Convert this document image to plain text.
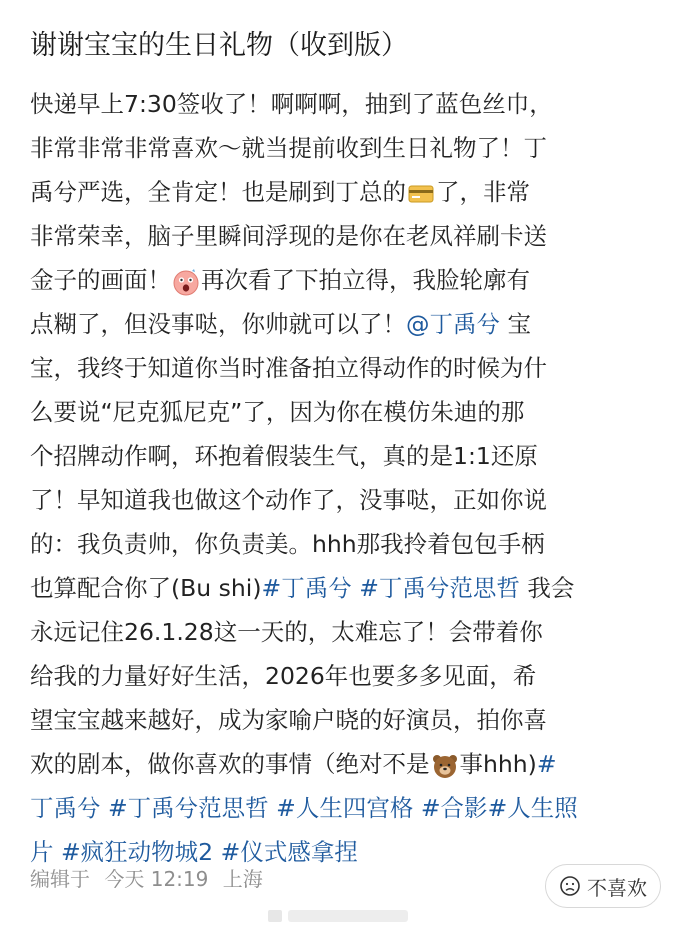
谢谢宝宝的生日礼物（收到版）
快递早上7:30签收了！啊啊啊，抽到了蓝色丝巾，
非常非常非常喜欢～就当提前收到生日礼物了！丁
禹兮严选，全肯定！也是刷到丁总的 了，非常
非常荣幸，脑子里瞬间浮现的是你在老凤祥刷卡送
金子的画面！ 再次看了下拍立得，我脸轮廓有
点糊了，但没事哒，你帅就可以了！@丁禹兮 宝
宝，我终于知道你当时准备拍立得动作的时候为什
么要说“尼克狐尼克”了，因为你在模仿朱迪的那
个招牌动作啊，环抱着假装生气，真的是1:1还原
了！早知道我也做这个动作了，没事哒，正如你说
的：我负责帅，你负责美。hhh那我拎着包包手柄
也算配合你了(Bu shi)#丁禹兮 #丁禹兮范思哲 我会
永远记住26.1.28这一天的，太难忘了！会带着你
给我的力量好好生活，2026年也要多多见面，希
望宝宝越来越好，成为家喻户晓的好演员，拍你喜
欢的剧本，做你喜欢的事情（绝对不是 事hhh)#
丁禹兮 #丁禹兮范思哲 #人生四宫格 #合影#人生照
片 #疯狂动物城2 #仪式感拿捏
编辑于 今天 12:19 上海	不喜欢
